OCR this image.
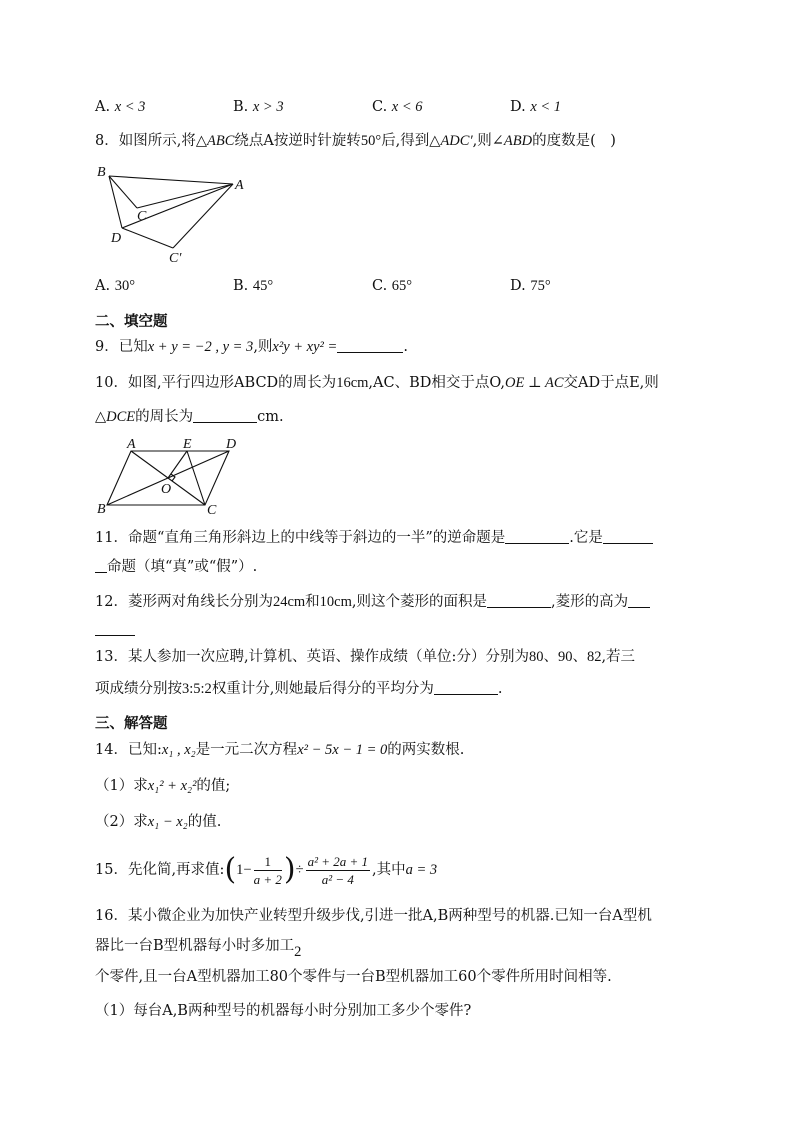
A. x < 3	B. x > 3	C. x < 6	D. x < 1
8．如图所示,将△ABC绕点A按逆时针旋转50°后,得到△ADC′,则∠ABD的度数是(　)
B
A
C
D
C′
A. 30°	B. 45°	C. 65°	D. 75°
二、填空题
9．已知x + y = −2 , y = 3,则x²y + xy² =	.
10．如图,平行四边形ABCD的周长为16cm,AC、BD相交于点O,OE ⊥ AC交AD于点E,则
△DCE的周长为	cm.
A	E D
O
B	C
11．命题“直角三角形斜边上的中线等于斜边的一半”的逆命题是	.它是
命题（填“真”或“假”）.
12．菱形两对角线长分别为24cm和10cm,则这个菱形的面积是	,菱形的高为
13．某人参加一次应聘,计算机、英语、操作成绩（单位:分）分别为80、90、82,若三
项成绩分别按3:5:2权重计分,则她最后得分的平均分为	.
三、解答题
14．已知:x₁ , x₂是一元二次方程x² − 5x − 1 = 0的两实数根.
（1）求x₁² + x₂²的值;
（2）求x₁ − x₂的值.
15．先化简,再求值:(1− $\frac{1}{a + 2}$ )÷ $\frac{\text{a² + 2a + 1}}{\text{a² − 4}}$ ,其中a = 3
16．某小微企业为加快产业转型升级步伐,引进一批A,B两种型号的机器.已知一台A型机
器比一台B型机器每小时多加工2
个零件,且一台A型机器加工80个零件与一台B型机器加工60个零件所用时间相等.
（1）每台A,B两种型号的机器每小时分别加工多少个零件?
